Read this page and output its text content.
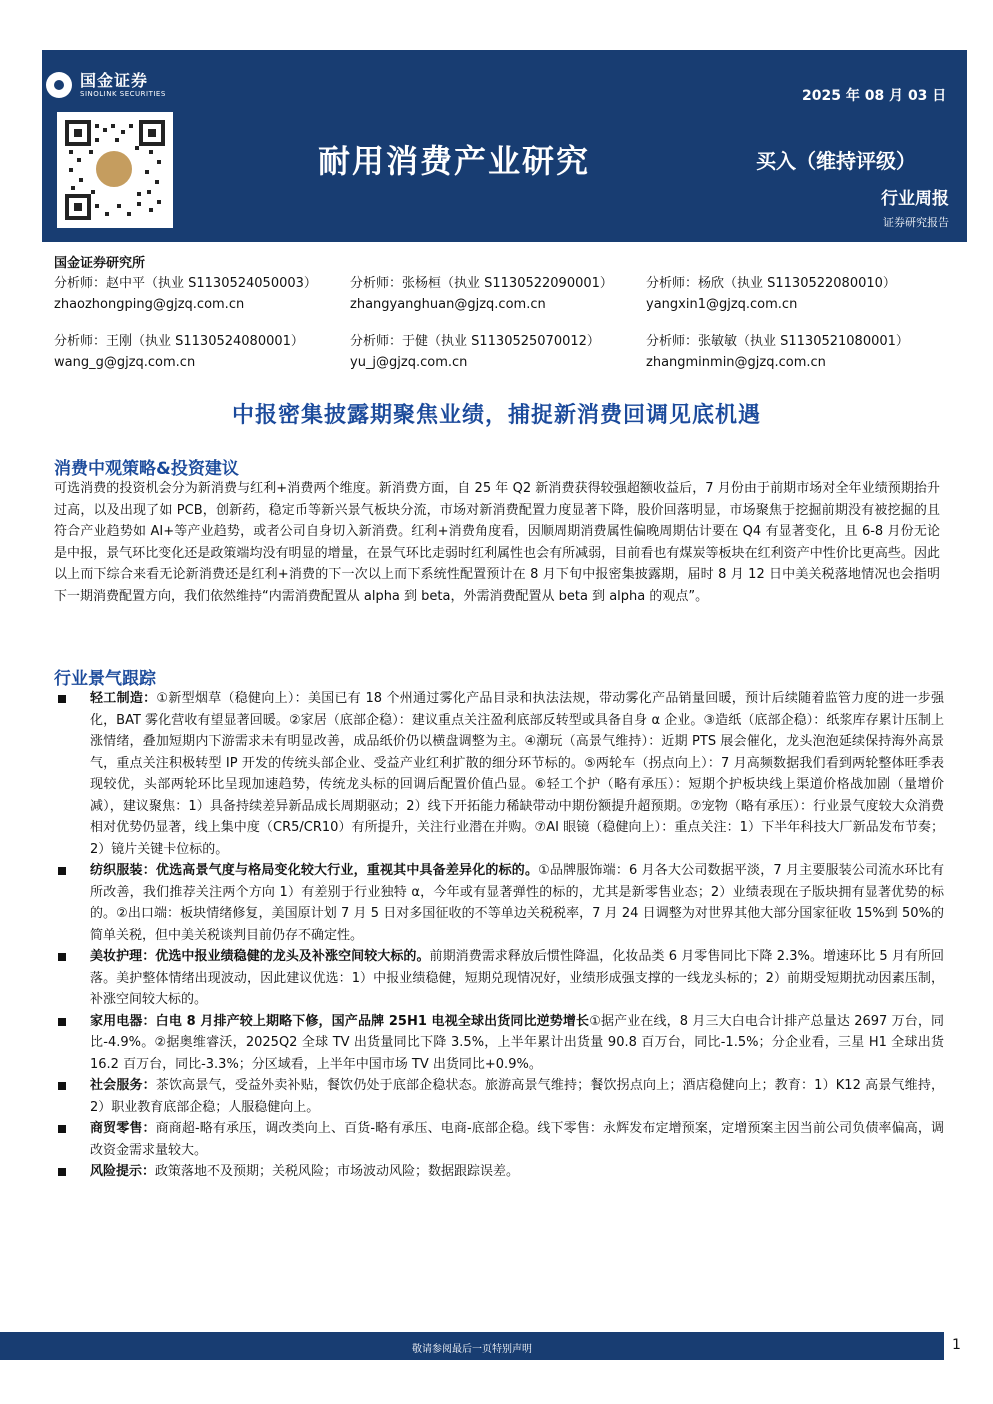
国金证券
SINOLINK SECURITIES	2025 年 08 月 03 日
耐用消费产业研究	买入（维持评级）
行业周报
证券研究报告
国金证券研究所
分析师：赵中平（执业 S1130524050003）
zhaozhongping@gjzq.com.cn
分析师：张杨桓（执业 S1130522090001）
zhangyanghuan@gjzq.com.cn
分析师：杨欣（执业 S1130522080010）
yangxin1@gjzq.com.cn
分析师：王刚（执业 S1130524080001）
wang_g@gjzq.com.cn
分析师：于健（执业 S1130525070012）
yu_j@gjzq.com.cn
分析师：张敏敏（执业 S1130521080001）
zhangminmin@gjzq.com.cn
中报密集披露期聚焦业绩，捕捉新消费回调见底机遇
消费中观策略&投资建议
可选消费的投资机会分为新消费与红利+消费两个维度。新消费方面，自 25 年 Q2 新消费获得较强超额收益后，7 月份由于前期市场对全年业绩预期抬升过高，以及出现了如 PCB，创新药，稳定币等新兴景气板块分流，市场对新消费配置力度显著下降，股价回落明显，市场聚焦于挖掘前期没有被挖掘的且符合产业趋势如 AI+等产业趋势，或者公司自身切入新消费。红利+消费角度看，因顺周期消费属性偏晚周期估计要在 Q4 有显著变化，且 6-8 月份无论是中报，景气环比变化还是政策端均没有明显的增量，在景气环比走弱时红利属性也会有所减弱，目前看也有煤炭等板块在红利资产中性价比更高些。因此以上而下综合来看无论新消费还是红利+消费的下一次以上而下系统性配置预计在 8 月下旬中报密集披露期，届时 8 月 12 日中美关税落地情况也会指明下一期消费配置方向，我们依然维持“内需消费配置从 alpha 到 beta，外需消费配置从 beta 到 alpha 的观点”。
行业景气跟踪
轻工制造：①新型烟草（稳健向上）：美国已有 18 个州通过雾化产品目录和执法法规，带动雾化产品销量回暖，预计后续随着监管力度的进一步强化，BAT 雾化营收有望显著回暖。②家居（底部企稳）：建议重点关注盈利底部反转型或具备自身 α 企业。③造纸（底部企稳）：纸浆库存累计压制上涨情绪，叠加短期内下游需求未有明显改善，成品纸价仍以横盘调整为主。④潮玩（高景气维持）：近期 PTS 展会催化，龙头泡泡延续保持海外高景气，重点关注积极转型 IP 开发的传统头部企业、受益产业红利扩散的细分环节标的。⑤两轮车（拐点向上）：7 月高频数据我们看到两轮整体旺季表现较优，头部两轮环比呈现加速趋势，传统龙头标的回调后配置价值凸显。⑥轻工个护（略有承压）：短期个护板块线上渠道价格战加剧（量增价减），建议聚焦：1）具备持续差异新品成长周期驱动；2）线下开拓能力稀缺带动中期份额提升超预期。⑦宠物（略有承压）：行业景气度较大众消费相对优势仍显著，线上集中度（CR5/CR10）有所提升，关注行业潜在并购。⑦AI 眼镜（稳健向上）：重点关注：1）下半年科技大厂新品发布节奏；2）镜片关键卡位标的。
纺织服装：优选高景气度与格局变化较大行业，重视其中具备差异化的标的。①品牌服饰端：6 月各大公司数据平淡，7 月主要服装公司流水环比有所改善，我们推荐关注两个方向 1）有差别于行业独特 α，今年或有显著弹性的标的，尤其是新零售业态；2）业绩表现在子版块拥有显著优势的标的。②出口端：板块情绪修复，美国原计划 7 月 5 日对多国征收的不等单边关税税率，7 月 24 日调整为对世界其他大部分国家征收 15%到 50%的简单关税，但中美关税谈判目前仍存不确定性。
美妆护理：优选中报业绩稳健的龙头及补涨空间较大标的。前期消费需求释放后惯性降温，化妆品类 6 月零售同比下降 2.3%。增速环比 5 月有所回落。美护整体情绪出现波动，因此建议优选：1）中报业绩稳健，短期兑现情况好，业绩形成强支撑的一线龙头标的；2）前期受短期扰动因素压制，补涨空间较大标的。
家用电器：白电 8 月排产较上期略下修，国产品牌 25H1 电视全球出货同比逆势增长①据产业在线，8 月三大白电合计排产总量达 2697 万台，同比-4.9%。②据奥维睿沃，2025Q2 全球 TV 出货量同比下降 3.5%，上半年累计出货量 90.8 百万台，同比-1.5%；分企业看，三星 H1 全球出货 16.2 百万台，同比-3.3%；分区域看，上半年中国市场 TV 出货同比+0.9%。
社会服务：茶饮高景气，受益外卖补贴，餐饮仍处于底部企稳状态。旅游高景气维持；餐饮拐点向上；酒店稳健向上；教育：1）K12 高景气维持，2）职业教育底部企稳；人服稳健向上。
商贸零售：商商超-略有承压，调改类向上、百货-略有承压、电商-底部企稳。线下零售：永辉发布定增预案，定增预案主因当前公司负债率偏高，调改资金需求量较大。
风险提示：政策落地不及预期；关税风险；市场波动风险；数据跟踪误差。
敬请参阅最后一页特别声明	1
